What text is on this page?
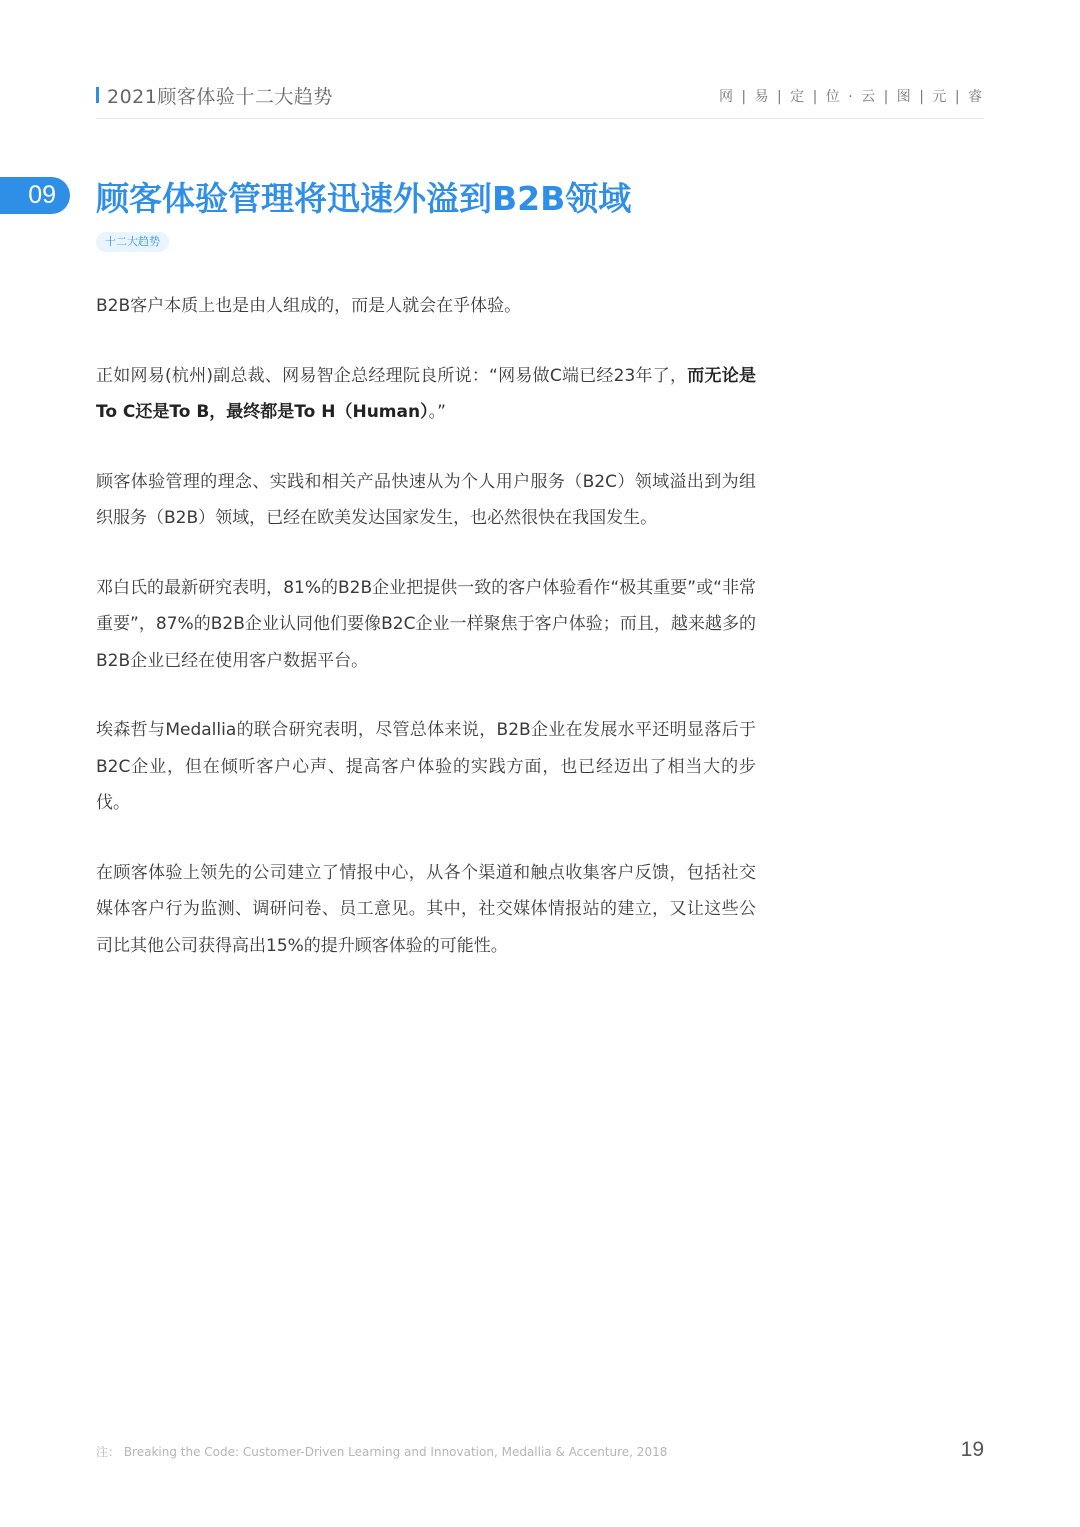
2021顾客体验十二大趋势	网 | 易 | 定 | 位 · 云 | 图 | 元 | 睿
09	顾客体验管理将迅速外溢到B2B领域
十二大趋势

B2B客户本质上也是由人组成的，而是人就会在乎体验。

正如网易(杭州)副总裁、网易智企总经理阮良所说：“网易做C端已经23年了，而无论是To C还是To B，最终都是To H（Human）。”

顾客体验管理的理念、实践和相关产品快速从为个人用户服务（B2C）领域溢出到为组织服务（B2B）领域，已经在欧美发达国家发生，也必然很快在我国发生。

邓白氏的最新研究表明，81%的B2B企业把提供一致的客户体验看作“极其重要”或“非常重要”，87%的B2B企业认同他们要像B2C企业一样聚焦于客户体验；而且，越来越多的B2B企业已经在使用客户数据平台。

埃森哲与Medallia的联合研究表明，尽管总体来说，B2B企业在发展水平还明显落后于B2C企业，但在倾听客户心声、提高客户体验的实践方面，也已经迈出了相当大的步伐。

在顾客体验上领先的公司建立了情报中心，从各个渠道和触点收集客户反馈，包括社交媒体客户行为监测、调研问卷、员工意见。其中，社交媒体情报站的建立，又让这些公司比其他公司获得高出15%的提升顾客体验的可能性。

注： Breaking the Code: Customer-Driven Learning and Innovation, Medallia & Accenture, 2018	19
